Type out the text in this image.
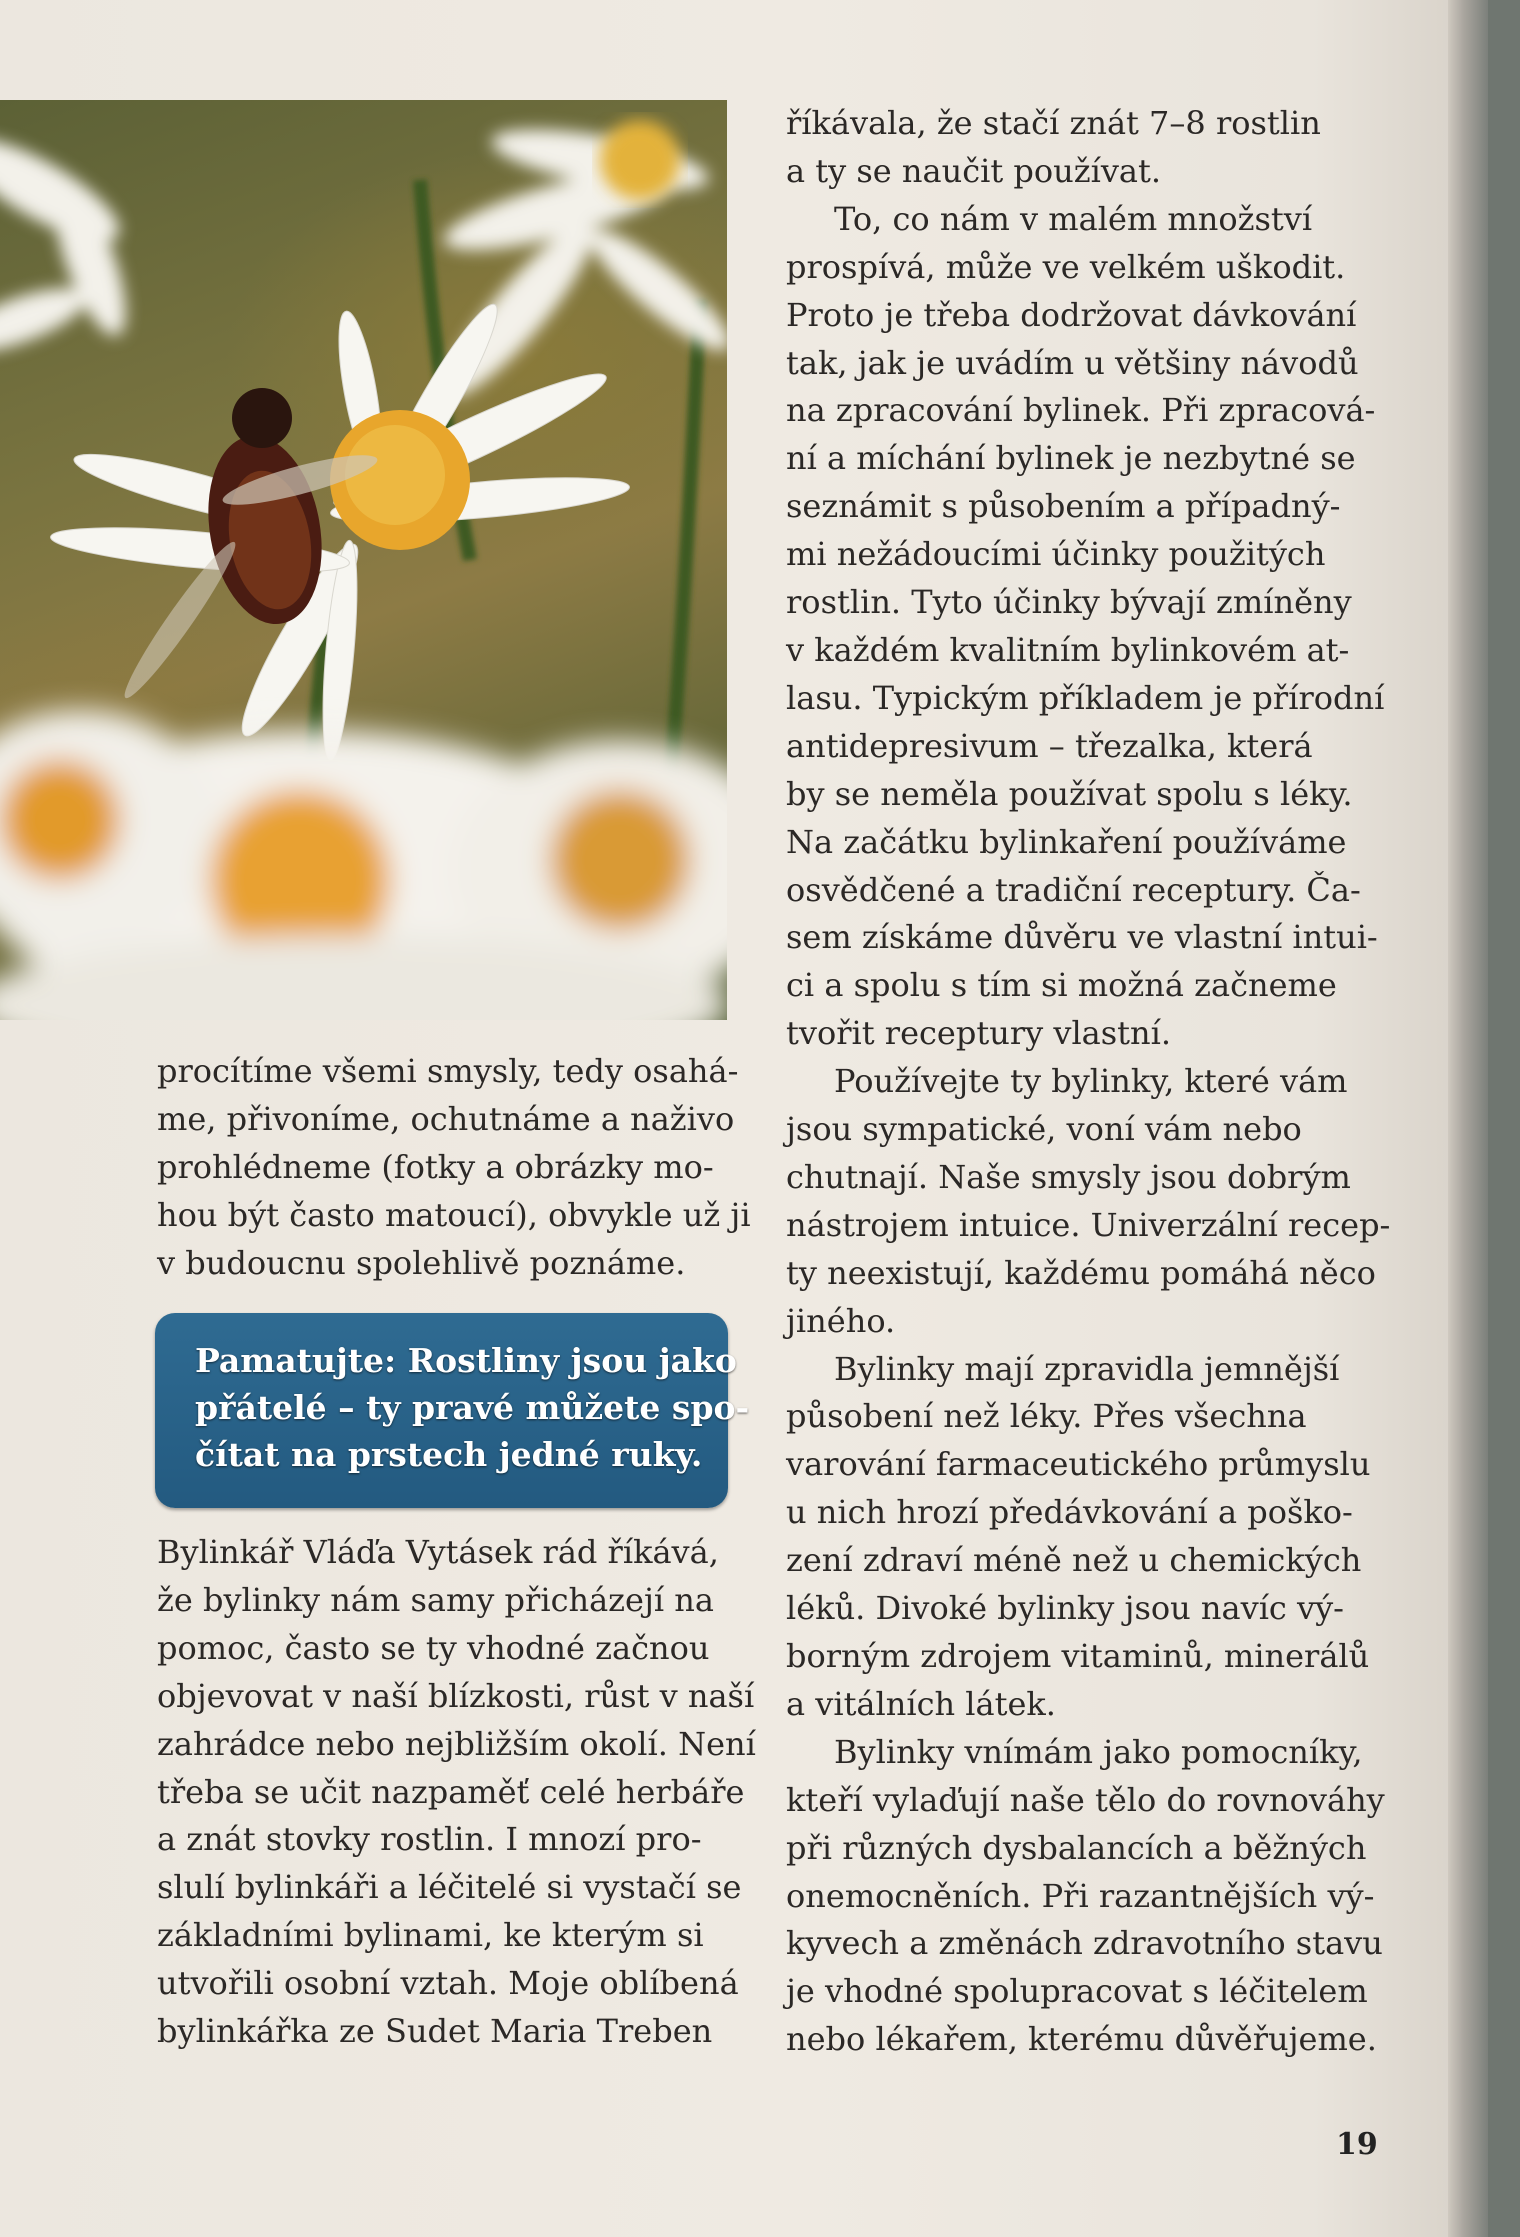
procítíme všemi smysly, tedy osahá-
me, přivoníme, ochutnáme a naživo
prohlédneme (fotky a obrázky mo-
hou být často matoucí), obvykle už ji
v budoucnu spolehlivě poznáme.
Pamatujte: Rostliny jsou jako
přátelé – ty pravé můžete spo-
čítat na prstech jedné ruky.
Bylinkář Vláďa Vytásek rád říkává,
že bylinky nám samy přicházejí na
pomoc, často se ty vhodné začnou
objevovat v naší blízkosti, růst v naší
zahrádce nebo nejbližším okolí. Není
třeba se učit nazpaměť celé herbáře
a znát stovky rostlin. I mnozí pro-
slulí bylinkáři a léčitelé si vystačí se
základními bylinami, ke kterým si
utvořili osobní vztah. Moje oblíbená
bylinkářka ze Sudet Maria Treben
říkávala, že stačí znát 7–8 rostlin
a ty se naučit používat.
To, co nám v malém množství
prospívá, může ve velkém uškodit.
Proto je třeba dodržovat dávkování
tak, jak je uvádím u většiny návodů
na zpracování bylinek. Při zpracová-
ní a míchání bylinek je nezbytné se
seznámit s působením a případný-
mi nežádoucími účinky použitých
rostlin. Tyto účinky bývají zmíněny
v každém kvalitním bylinkovém at-
lasu. Typickým příkladem je přírodní
antidepresivum – třezalka, která
by se neměla používat spolu s léky.
Na začátku bylinkaření používáme
osvědčené a tradiční receptury. Ča-
sem získáme důvěru ve vlastní intui-
ci a spolu s tím si možná začneme
tvořit receptury vlastní.
Používejte ty bylinky, které vám
jsou sympatické, voní vám nebo
chutnají. Naše smysly jsou dobrým
nástrojem intuice. Univerzální recep-
ty neexistují, každému pomáhá něco
jiného.
Bylinky mají zpravidla jemnější
působení než léky. Přes všechna
varování farmaceutického průmyslu
u nich hrozí předávkování a poško-
zení zdraví méně než u chemických
léků. Divoké bylinky jsou navíc vý-
borným zdrojem vitaminů, minerálů
a vitálních látek.
Bylinky vnímám jako pomocníky,
kteří vylaďují naše tělo do rovnováhy
při různých dysbalancích a běžných
onemocněních. Při razantnějších vý-
kyvech a změnách zdravotního stavu
je vhodné spolupracovat s léčitelem
nebo lékařem, kterému důvěřujeme.
19
